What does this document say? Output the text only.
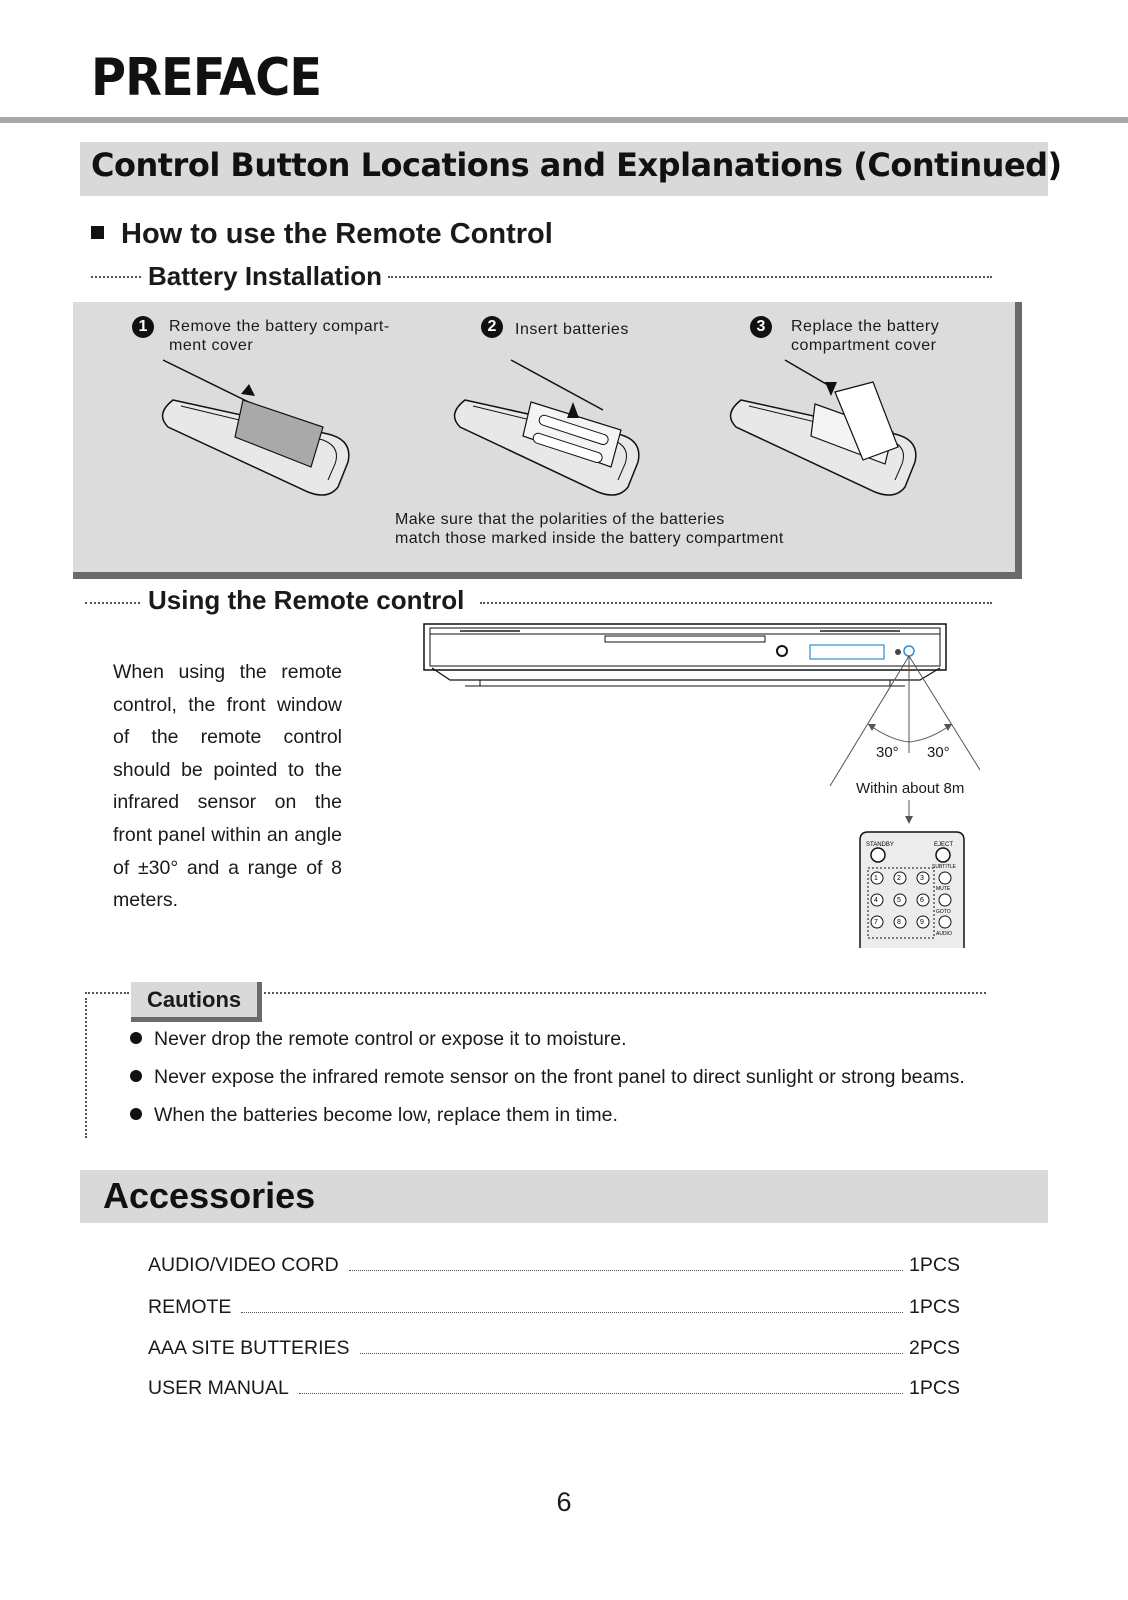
PREFACE
Control Button Locations and Explanations (Continued)
How to use the Remote Control
Battery Installation
1	Remove the battery compart-
ment cover
2	Insert batteries	3	Replace the battery
compartment cover
Make sure that the polarities of the batteries
match those marked inside the battery compartment
Using the Remote control

When using the remote control, the front window of the remote control should be pointed to the infrared sensor on the front panel within an angle of ±30° and a range of 8 meters.

STANDBY	EJECT
SUBTITLE
MUTE
GOTO
AUDIO
1	2	3
4	5	6
7	8	9
30° 30°
Within about 8m
Cautions
Never drop the remote control or expose it to moisture.
Never expose the infrared remote sensor on the front panel to direct sunlight or strong beams.
When the batteries become low, replace them in time.
Accessories
AUDIO/VIDEO CORD	1PCS
REMOTE	1PCS
AAA SITE BUTTERIES	2PCS
USER MANUAL	1PCS
6
